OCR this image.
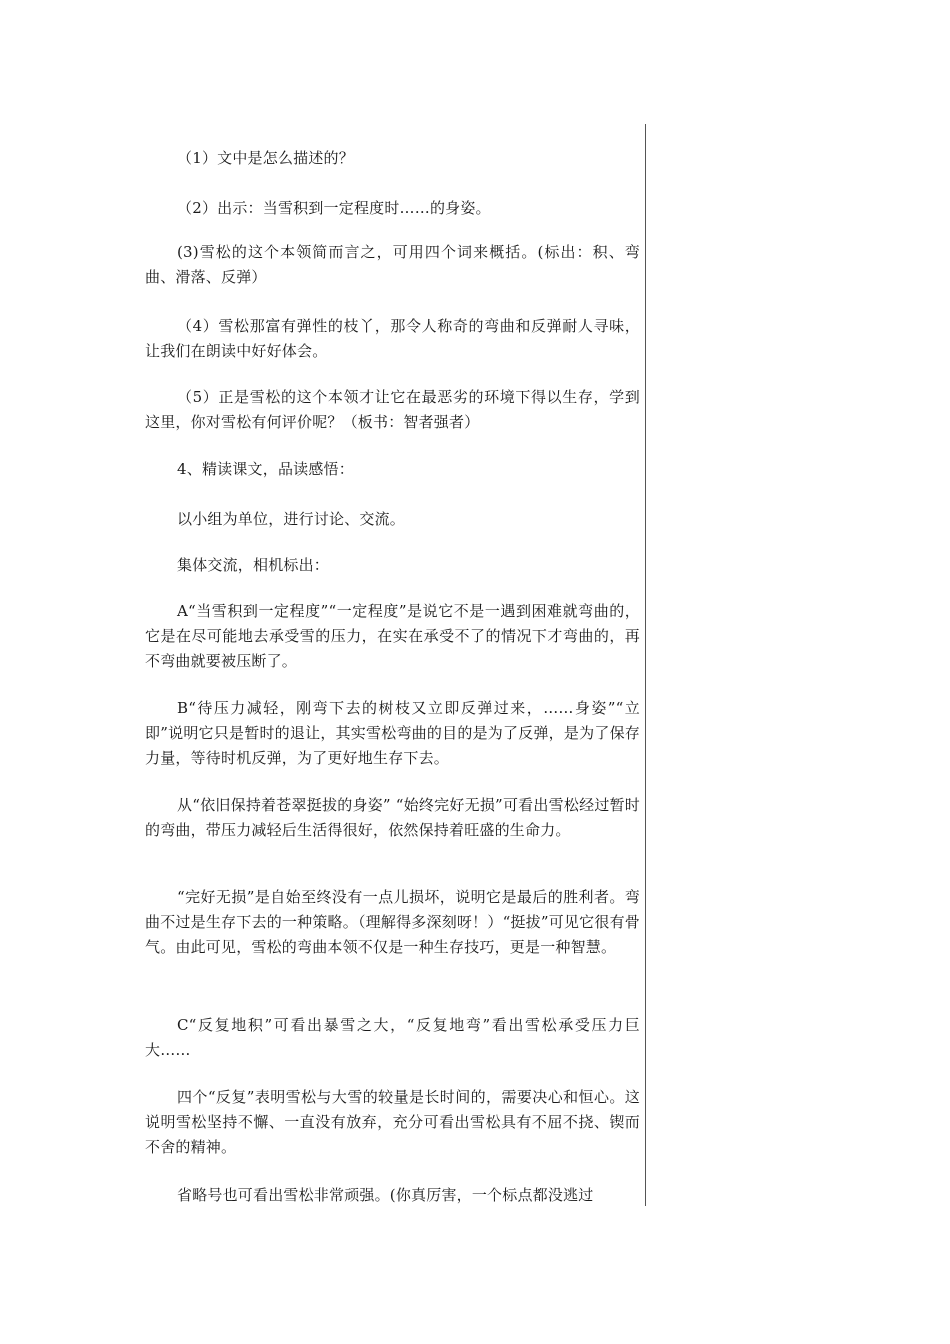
（1）文中是怎么描述的？

（2）出示：当雪积到一定程度时……的身姿。

(3)雪松的这个本领简而言之，可用四个词来概括。(标出：积、弯曲、滑落、反弹）

（4）雪松那富有弹性的枝丫，那令人称奇的弯曲和反弹耐人寻味，让我们在朗读中好好体会。

（5）正是雪松的这个本领才让它在最恶劣的环境下得以生存，学到这里，你对雪松有何评价呢？（板书：智者强者）

4、精读课文，品读感悟：

以小组为单位，进行讨论、交流。

集体交流，相机标出：

A“当雪积到一定程度”“一定程度”是说它不是一遇到困难就弯曲的，它是在尽可能地去承受雪的压力，在实在承受不了的情况下才弯曲的，再不弯曲就要被压断了。

B“待压力减轻，刚弯下去的树枝又立即反弹过来，……身姿”“立即”说明它只是暂时的退让，其实雪松弯曲的目的是为了反弹，是为了保存力量，等待时机反弹，为了更好地生存下去。

从“依旧保持着苍翠挺拔的身姿” “始终完好无损”可看出雪松经过暂时的弯曲，带压力减轻后生活得很好，依然保持着旺盛的生命力。

“完好无损”是自始至终没有一点儿损坏，说明它是最后的胜利者。弯曲不过是生存下去的一种策略。（理解得多深刻呀！）“挺拔”可见它很有骨气。由此可见，雪松的弯曲本领不仅是一种生存技巧，更是一种智慧。

C“反复地积”可看出暴雪之大，“反复地弯”看出雪松承受压力巨大……

四个“反复”表明雪松与大雪的较量是长时间的，需要决心和恒心。这说明雪松坚持不懈、一直没有放弃，充分可看出雪松具有不屈不挠、锲而不舍的精神。

省略号也可看出雪松非常顽强。(你真厉害，一个标点都没逃过
